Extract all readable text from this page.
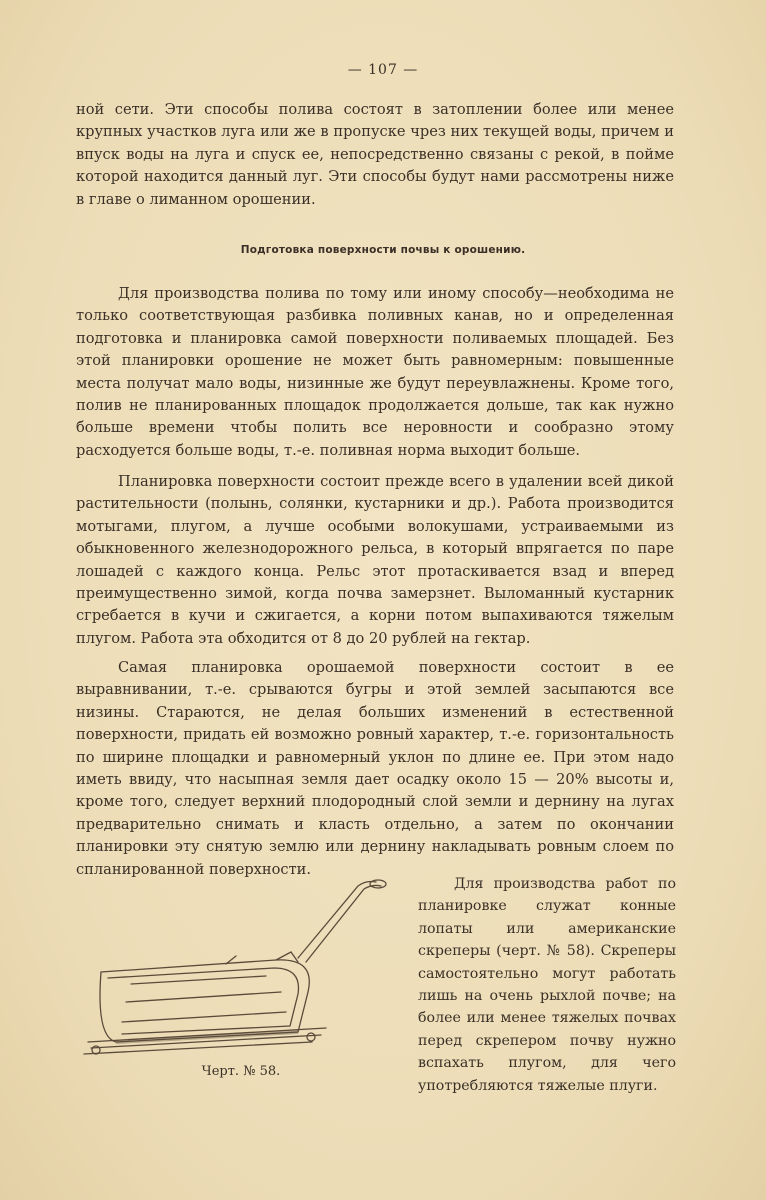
— 107 —

ной сети. Эти способы полива состоят в затоплении более или менее крупных участков луга или же в пропуске чрез них текущей воды, причем и впуск воды на луга и спуск ее, непосредственно связаны с рекой, в пойме которой находится данный луг. Эти способы будут нами рассмотрены ниже в главе о лиманном орошении.

Подготовка поверхности почвы к орошению.

Для производства полива по тому или иному способу—необходима не только соответствующая разбивка поливных канав, но и определенная подготовка и планировка самой поверхности поливаемых площадей. Без этой планировки орошение не может быть равномерным: повышенные места получат мало воды, низинные же будут переувлажнены. Кроме того, полив не планированных площадок продолжается дольше, так как нужно больше времени чтобы полить все неровности и сообразно этому расходуется больше воды, т.-е. поливная норма выходит больше.

Планировка поверхности состоит прежде всего в удалении всей дикой растительности (полынь, солянки, кустарники и др.). Работа производится мотыгами, плугом, а лучше особыми волокушами, устраиваемыми из обыкновенного железнодорожного рельса, в который впрягается по паре лошадей с каждого конца. Рельс этот протаскивается взад и вперед преимущественно зимой, когда почва замерзнет. Выломанный кустарник сгребается в кучи и сжигается, а корни потом выпахиваются тяжелым плугом. Работа эта обходится от 8 до 20 рублей на гектар.

Самая планировка орошаемой поверхности состоит в ее выравнивании, т.-е. срываются бугры и этой землей засыпаются все низины. Стараются, не делая больших изменений в естественной поверхности, придать ей возможно ровный характер, т.-е. горизонтальность по ширине площадки и равномерный уклон по длине ее. При этом надо иметь ввиду, что насыпная земля дает осадку около 15 — 20% высоты и, кроме того, следует верхний плодородный слой земли и дернину на лугах предварительно снимать и класть отдельно, а затем по окончании планировки эту снятую землю или дернину накладывать ровным слоем по спланированной поверхности.

Черт. № 58.

Для производства работ по планировке служат конные лопаты или американские скреперы (черт. № 58). Скреперы самостоятельно могут работать лишь на очень рыхлой почве; на более или менее тяжелых почвах перед скрепером почву нужно вспахать плугом, для чего употребляются тяжелые плуги.
